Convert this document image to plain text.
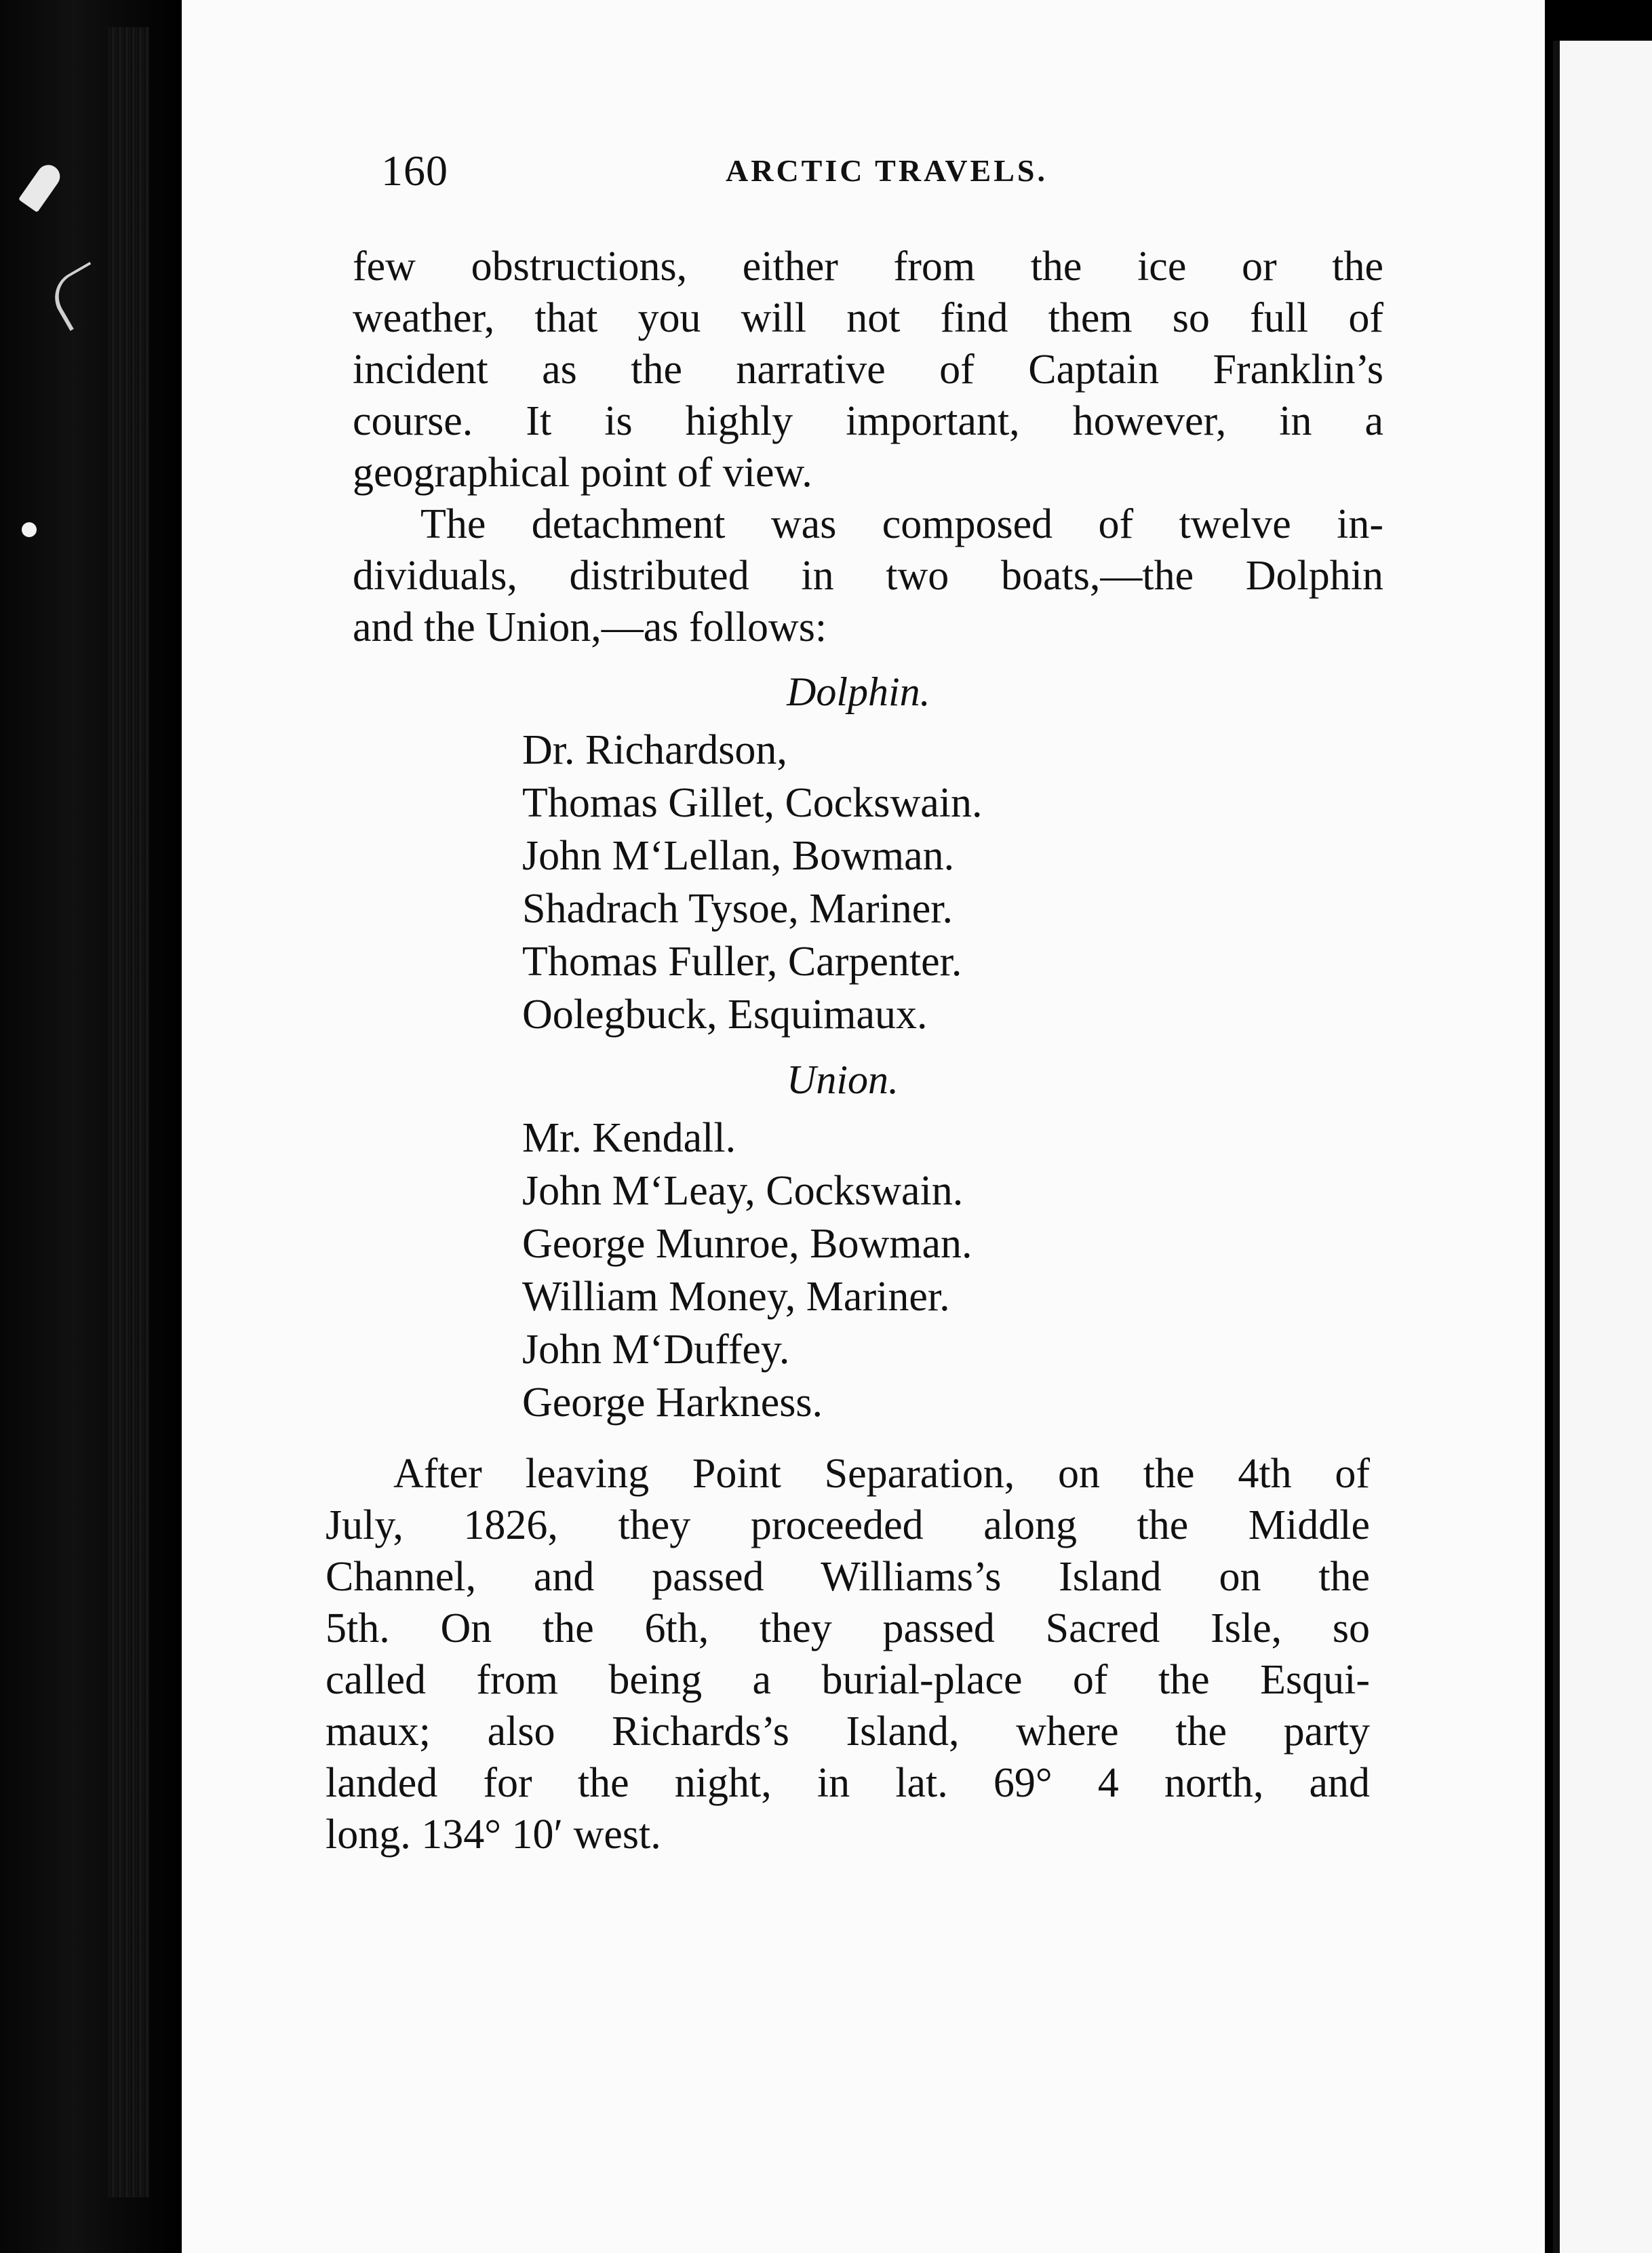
160	ARCTIC TRAVELS.

few obstructions, either from the ice or the
weather, that you will not find them so full of
incident as the narrative of Captain Franklin’s
course. It is highly important, however, in a
geographical point of view.

The detachment was composed of twelve in-
dividuals, distributed in two boats,—the Dolphin
and the Union,—as follows:

Dolphin.
Dr. Richardson,
Thomas Gillet, Cockswain.
John M‘Lellan, Bowman.
Shadrach Tysoe, Mariner.
Thomas Fuller, Carpenter.
Oolegbuck, Esquimaux.
Union.
Mr. Kendall.
John M‘Leay, Cockswain.
George Munroe, Bowman.
William Money, Mariner.
John M‘Duffey.
George Harkness.

After leaving Point Separation, on the 4th of
July, 1826, they proceeded along the Middle
Channel, and passed Williams’s Island on the
5th. On the 6th, they passed Sacred Isle, so
called from being a burial-place of the Esqui-
maux; also Richards’s Island, where the party
landed for the night, in lat. 69° 4 north, and
long. 134° 10′ west.
